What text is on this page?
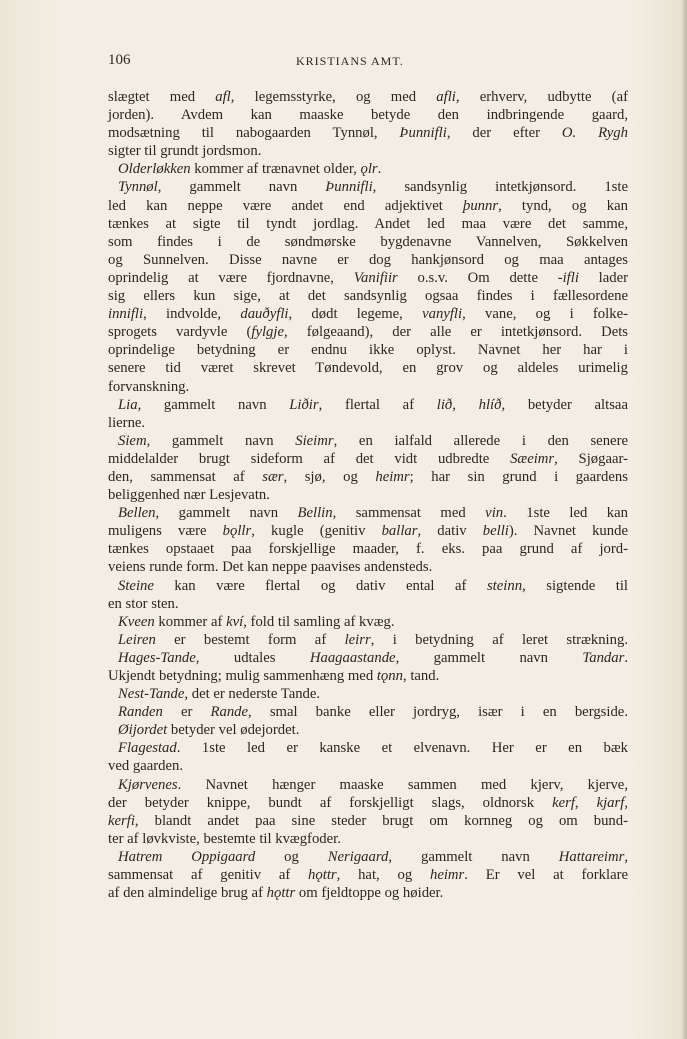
106	KRISTIANS AMT.
slægtet med afl, legemsstyrke, og med afli, erhverv, udbytte (af
jorden). Avdem kan maaske betyde den indbringende gaard,
modsætning til nabogaarden Tynnøl, Þunnifli, der efter O. Rygh
sigter til grundt jordsmon.
Olderløkken kommer af trænavnet older, ǫlr.
Tynnøl, gammelt navn Þunnifli, sandsynlig intetkjønsord. 1ste
led kan neppe være andet end adjektivet þunnr, tynd, og kan
tænkes at sigte til tyndt jordlag. Andet led maa være det samme,
som findes i de søndmørske bygdenavne Vannelven, Søkkelven
og Sunnelven. Disse navne er dog hankjønsord og maa antages
oprindelig at være fjordnavne, Vanifiir o.s.v. Om dette -ifli lader
sig ellers kun sige, at det sandsynlig ogsaa findes i fællesordene
innifli, indvolde, dauðyfli, dødt legeme, vanyfli, vane, og i folke-
sprogets vardyvle (fylgje, følgeaand), der alle er intetkjønsord. Dets
oprindelige betydning er endnu ikke oplyst. Navnet her har i
senere tid været skrevet Tøndevold, en grov og aldeles urimelig
forvanskning.
Lia, gammelt navn Liðir, flertal af lið, hlíð, betyder altsaa
lierne.
Siem, gammelt navn Sieimr, en ialfald allerede i den senere
middelalder brugt sideform af det vidt udbredte Sæeimr, Sjøgaar-
den, sammensat af sær, sjø, og heimr; har sin grund i gaardens
beliggenhed nær Lesjevatn.
Bellen, gammelt navn Bellin, sammensat med vin. 1ste led kan
muligens være bǫllr, kugle (genitiv ballar, dativ belli). Navnet kunde
tænkes opstaaet paa forskjellige maader, f. eks. paa grund af jord-
veiens runde form. Det kan neppe paavises andensteds.
Steine kan være flertal og dativ ental af steinn, sigtende til
en stor sten.
Kveen kommer af kví, fold til samling af kvæg.
Leiren er bestemt form af leirr, i betydning af leret strækning.
Hages-Tande, udtales Haagaastande, gammelt navn Tandar.
Ukjendt betydning; mulig sammenhæng med tǫnn, tand.
Nest-Tande, det er nederste Tande.
Randen er Rande, smal banke eller jordryg, især i en bergside.
Øijordet betyder vel ødejordet.
Flagestad. 1ste led er kanske et elvenavn. Her er en bæk
ved gaarden.
Kjørvenes. Navnet hænger maaske sammen med kjerv, kjerve,
der betyder knippe, bundt af forskjelligt slags, oldnorsk kerf, kjarf,
kerfi, blandt andet paa sine steder brugt om kornneg og om bund-
ter af løvkviste, bestemte til kvægfoder.
Hatrem Oppigaard og Nerigaard, gammelt navn Hattareimr,
sammensat af genitiv af hǫttr, hat, og heimr. Er vel at forklare
af den almindelige brug af hǫttr om fjeldtoppe og høider.
